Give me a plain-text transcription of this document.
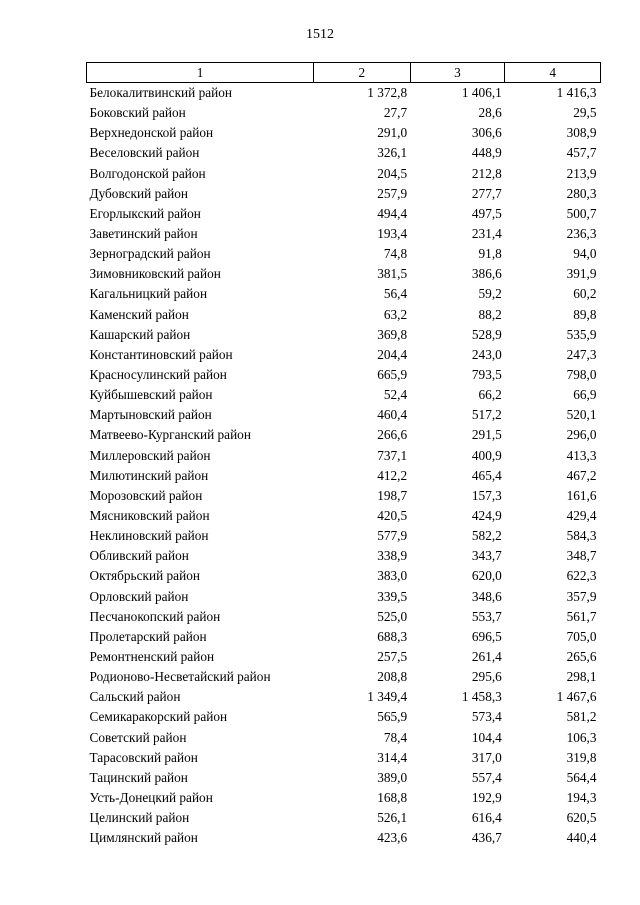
1512
1	2	3	4
Белокалитвинский район	1 372,8	1 406,1	1 416,3
Боковский район	27,7	28,6	29,5
Верхнедонской район	291,0	306,6	308,9
Веселовский район	326,1	448,9	457,7
Волгодонской район	204,5	212,8	213,9
Дубовский район	257,9	277,7	280,3
Егорлыкский район	494,4	497,5	500,7
Заветинский район	193,4	231,4	236,3
Зерноградский район	74,8	91,8	94,0
Зимовниковский район	381,5	386,6	391,9
Кагальницкий район	56,4	59,2	60,2
Каменский район	63,2	88,2	89,8
Кашарский район	369,8	528,9	535,9
Константиновский район	204,4	243,0	247,3
Красносулинский район	665,9	793,5	798,0
Куйбышевский район	52,4	66,2	66,9
Мартыновский район	460,4	517,2	520,1
Матвеево-Курганский район	266,6	291,5	296,0
Миллеровский район	737,1	400,9	413,3
Милютинский район	412,2	465,4	467,2
Морозовский район	198,7	157,3	161,6
Мясниковский район	420,5	424,9	429,4
Неклиновский район	577,9	582,2	584,3
Обливский район	338,9	343,7	348,7
Октябрьский район	383,0	620,0	622,3
Орловский район	339,5	348,6	357,9
Песчанокопский район	525,0	553,7	561,7
Пролетарский район	688,3	696,5	705,0
Ремонтненский район	257,5	261,4	265,6
Родионово-Несветайский район	208,8	295,6	298,1
Сальский район	1 349,4	1 458,3	1 467,6
Семикаракорский район	565,9	573,4	581,2
Советский район	78,4	104,4	106,3
Тарасовский район	314,4	317,0	319,8
Тацинский район	389,0	557,4	564,4
Усть-Донецкий район	168,8	192,9	194,3
Целинский район	526,1	616,4	620,5
Цимлянский район	423,6	436,7	440,4
